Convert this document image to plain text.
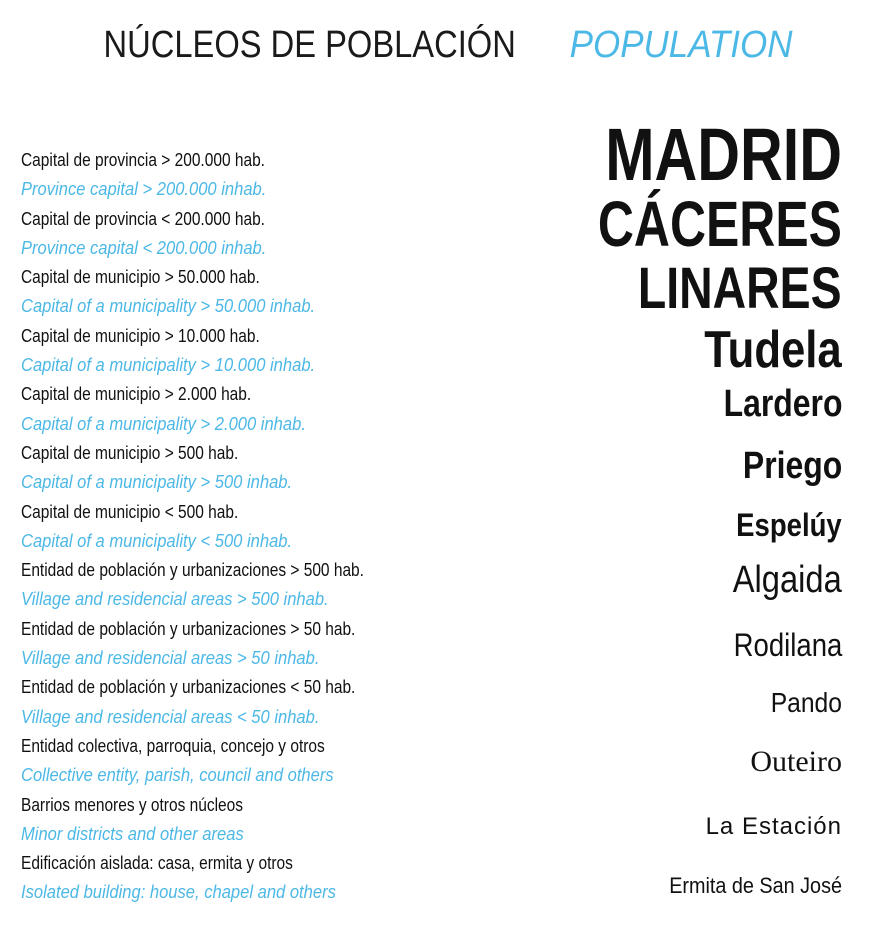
NÚCLEOS DE POBLACIÓN POPULATION
Capital de provincia > 200.000 hab.
Province capital > 200.000 inhab.
Capital de provincia < 200.000 hab.
Province capital < 200.000 inhab.
Capital de municipio > 50.000 hab.
Capital of a municipality > 50.000 inhab.
Capital de municipio > 10.000 hab.
Capital of a municipality > 10.000 inhab.
Capital de municipio > 2.000 hab.
Capital of a municipality > 2.000 inhab.
Capital de municipio > 500 hab.
Capital of a municipality > 500 inhab.
Capital de municipio < 500 hab.
Capital of a municipality < 500 inhab.
Entidad de población y urbanizaciones > 500 hab.
Village and residencial areas > 500 inhab.
Entidad de población y urbanizaciones > 50 hab.
Village and residencial areas > 50 inhab.
Entidad de población y urbanizaciones < 50 hab.
Village and residencial areas < 50 inhab.
Entidad colectiva, parroquia, concejo y otros
Collective entity, parish, council and others
Barrios menores y otros núcleos
Minor districts and other areas
Edificación aislada: casa, ermita y otros
Isolated building: house, chapel and others
MADRID
CÁCERES
LINARES
Tudela
Lardero
Priego
Espelúy
Algaida
Rodilana
Pando
Outeiro
La Estación
Ermita de San José
